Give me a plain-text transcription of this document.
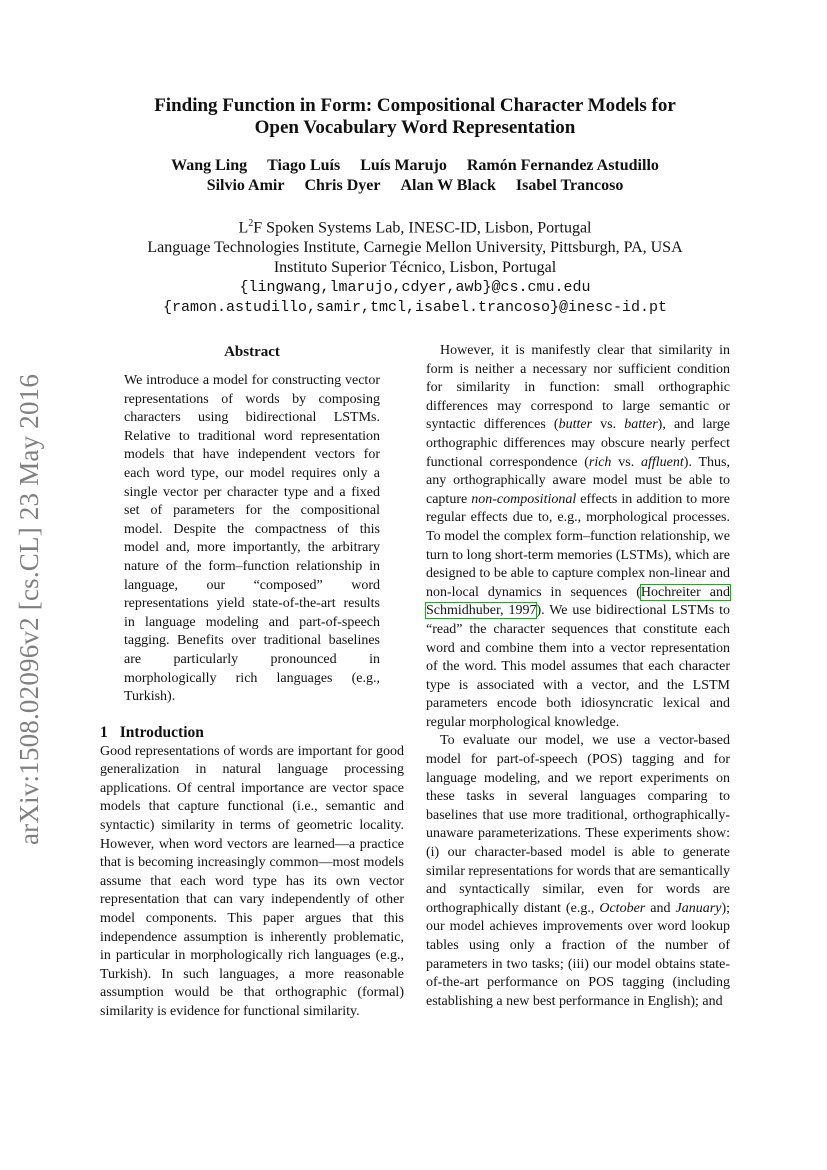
arXiv:1508.02096v2 [cs.CL] 23 May 2016
Finding Function in Form: Compositional Character Models for
Open Vocabulary Word Representation
Wang Ling Tiago Luís Luís Marujo Ramón Fernandez Astudillo
Silvio Amir Chris Dyer Alan W Black Isabel Trancoso
$L^2F$ Spoken Systems Lab, INESC-ID, Lisbon, Portugal
Language Technologies Institute, Carnegie Mellon University, Pittsburgh, PA, USA
Instituto Superior Técnico, Lisbon, Portugal
{lingwang,lmarujo,cdyer,awb}@cs.cmu.edu
{ramon.astudillo,samir,tmcl,isabel.trancoso}@inesc-id.pt
Abstract
We introduce a model for constructing vector representations of words by composing characters using bidirectional LSTMs. Relative to traditional word representation models that have independent vectors for each word type, our model requires only a single vector per character type and a fixed set of parameters for the compositional model. Despite the compactness of this model and, more importantly, the arbitrary nature of the form–function relationship in language, our “composed” word representations yield state-of-the-art results in language modeling and part-of-speech tagging. Benefits over traditional baselines are particularly pronounced in morphologically rich languages (e.g., Turkish).
1 Introduction

Good representations of words are important for good generalization in natural language processing applications. Of central importance are vector space models that capture functional (i.e., semantic and syntactic) similarity in terms of geometric locality. However, when word vectors are learned—a practice that is becoming increasingly common—most models assume that each word type has its own vector representation that can vary independently of other model components. This paper argues that this independence assumption is inherently problematic, in particular in morphologically rich languages (e.g., Turkish). In such languages, a more reasonable assumption would be that orthographic (formal) similarity is evidence for functional similarity.

However, it is manifestly clear that similarity in form is neither a necessary nor sufficient condition for similarity in function: small orthographic differences may correspond to large semantic or syntactic differences (butter vs. batter), and large orthographic differences may obscure nearly perfect functional correspondence (rich vs. affluent). Thus, any orthographically aware model must be able to capture non-compositional effects in addition to more regular effects due to, e.g., morphological processes. To model the complex form–function relationship, we turn to long short-term memories (LSTMs), which are designed to be able to capture complex non-linear and non-local dynamics in sequences (Hochreiter and Schmidhuber, 1997). We use bidirectional LSTMs to “read” the character sequences that constitute each word and combine them into a vector representation of the word. This model assumes that each character type is associated with a vector, and the LSTM parameters encode both idiosyncratic lexical and regular morphological knowledge.

To evaluate our model, we use a vector-based model for part-of-speech (POS) tagging and for language modeling, and we report experiments on these tasks in several languages comparing to baselines that use more traditional, orthographically-unaware parameterizations. These experiments show: (i) our character-based model is able to generate similar representations for words that are semantically and syntactically similar, even for words are orthographically distant (e.g., October and January); our model achieves improvements over word lookup tables using only a fraction of the number of parameters in two tasks; (iii) our model obtains state-of-the-art performance on POS tagging (including establishing a new best performance in English); and
